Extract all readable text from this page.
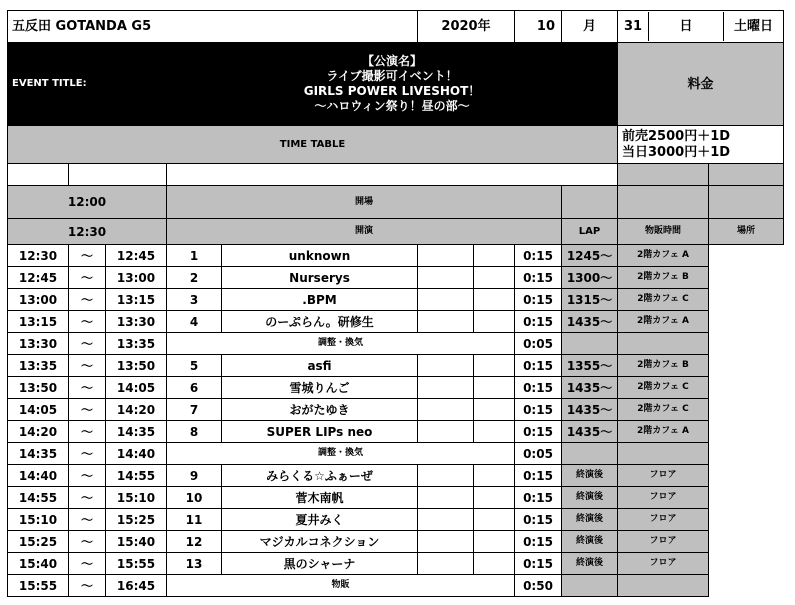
五反田 GOTANDA G5	2020年	10	月	31	日	土曜日

EVENT TITLE:	
【公演名】
ライブ撮影可イベント！
GIRLS POWER LIVESHOT！
～ハロウィン祭り！昼の部～
	料金
TIME TABLE	
前売2500円＋1D
当日3000円＋1D

12:00	開場			
12:30	開演	LAP	物販時間	場所
12:30	～	12:45	1	unknown			0:15	1245～	2階カフェ A
12:45	～	13:00	2	Nurserys			0:15	1300～	2階カフェ B
13:00	～	13:15	3	.BPM			0:15	1315～	2階カフェ C
13:15	～	13:30	4	のーぷらん。研修生			0:15	1435～	2階カフェ A
13:30	～	13:35	調整・換気	0:05		
13:35	～	13:50	5	asfi			0:15	1355～	2階カフェ B
13:50	～	14:05	6	雪城りんご			0:15	1435～	2階カフェ C
14:05	～	14:20	7	おがたゆき			0:15	1435～	2階カフェ C
14:20	～	14:35	8	SUPER LIPs neo			0:15	1435～	2階カフェ A
14:35	～	14:40	調整・換気	0:05		
14:40	～	14:55	9	みらくる☆ふぁーぜ			0:15	終演後	フロア
14:55	～	15:10	10	菅木南帆			0:15	終演後	フロア
15:10	～	15:25	11	夏井みく			0:15	終演後	フロア
15:25	～	15:40	12	マジカルコネクション			0:15	終演後	フロア
15:40	～	15:55	13	黒のシャーナ			0:15	終演後	フロア
15:55	～	16:45	物販	0:50		
